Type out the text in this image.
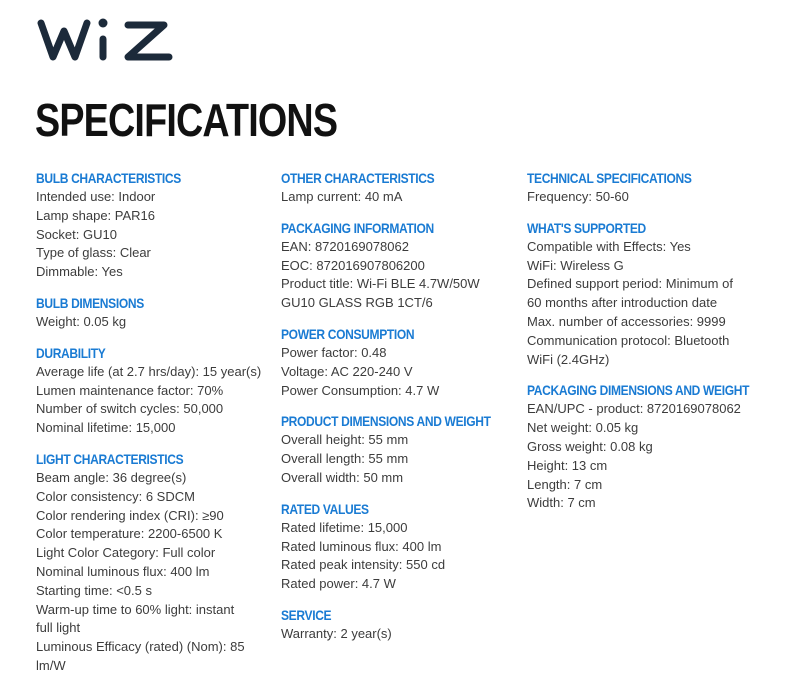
SPECIFICATIONS
BULB CHARACTERISTICS
Intended use: Indoor
Lamp shape: PAR16
Socket: GU10
Type of glass: Clear
Dimmable: Yes
BULB DIMENSIONS
Weight: 0.05 kg
DURABILITY
Average life (at 2.7 hrs/day): 15 year(s)
Lumen maintenance factor: 70%
Number of switch cycles: 50,000
Nominal lifetime: 15,000
LIGHT CHARACTERISTICS
Beam angle: 36 degree(s)
Color consistency: 6 SDCM
Color rendering index (CRI): ≥90
Color temperature: 2200-6500 K
Light Color Category: Full color
Nominal luminous flux: 400 lm
Starting time: <0.5 s
Warm-up time to 60% light: instant
full light
Luminous Efficacy (rated) (Nom): 85
lm/W
OTHER CHARACTERISTICS
Lamp current: 40 mA
PACKAGING INFORMATION
EAN: 8720169078062
EOC: 872016907806200
Product title: Wi-Fi BLE 4.7W/50W
GU10 GLASS RGB 1CT/6
POWER CONSUMPTION
Power factor: 0.48
Voltage: AC 220-240 V
Power Consumption: 4.7 W
PRODUCT DIMENSIONS AND WEIGHT
Overall height: 55 mm
Overall length: 55 mm
Overall width: 50 mm
RATED VALUES
Rated lifetime: 15,000
Rated luminous flux: 400 lm
Rated peak intensity: 550 cd
Rated power: 4.7 W
SERVICE
Warranty: 2 year(s)
TECHNICAL SPECIFICATIONS
Frequency: 50-60
WHAT'S SUPPORTED
Compatible with Effects: Yes
WiFi: Wireless G
Defined support period: Minimum of
60 months after introduction date
Max. number of accessories: 9999
Communication protocol: Bluetooth
WiFi (2.4GHz)
PACKAGING DIMENSIONS AND WEIGHT
EAN/UPC - product: 8720169078062
Net weight: 0.05 kg
Gross weight: 0.08 kg
Height: 13 cm
Length: 7 cm
Width: 7 cm
